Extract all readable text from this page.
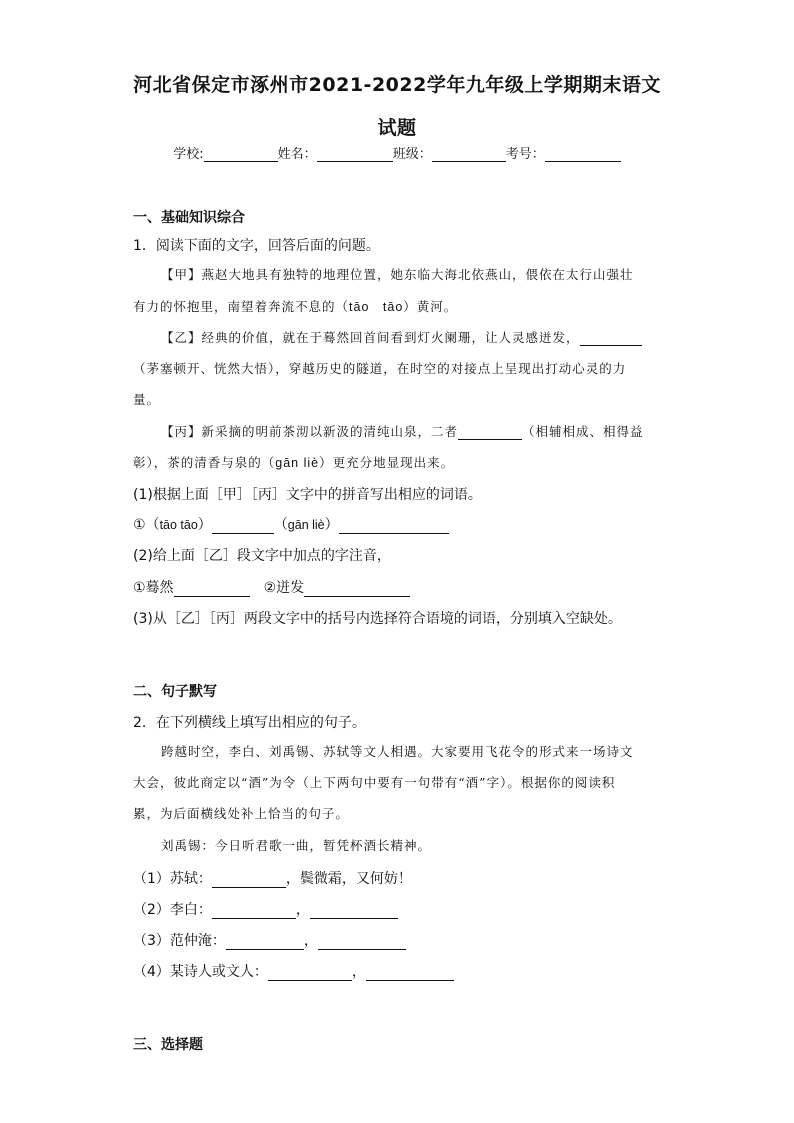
河北省保定市涿州市2021-2022学年九年级上学期期末语文
试题
学校:	姓名：	班级：	考号：
一、基础知识综合
1．阅读下面的文字，回答后面的问题。
【甲】燕赵大地具有独特的地理位置，她东临大海北依燕山，偎依在太行山强壮
有力的怀抱里，南望着奔流不息的（tāo　tāo）黄河。
【乙】经典的价值，就在于蓦然回首间看到灯火阑珊，让人灵感迸发，
（茅塞顿开、恍然大悟），穿越历史的隧道，在时空的对接点上呈现出打动心灵的力
量。
【丙】新采摘的明前茶沏以新汲的清纯山泉，二者	（相辅相成、相得益
彰），茶的清香与泉的（gān liè）更充分地显现出来。
(1)根据上面［甲］［丙］文字中的拼音写出相应的词语。
①（tāo tāo）	（gān liè）
(2)给上面［乙］段文字中加点的字注音，
①蓦然　	②迸发
(3)从［乙］［丙］两段文字中的括号内选择符合语境的词语，分别填入空缺处。
二、句子默写
2．在下列横线上填写出相应的句子。
跨越时空，李白、刘禹锡、苏轼等文人相遇。大家要用飞花令的形式来一场诗文
大会，彼此商定以“酒”为令（上下两句中要有一句带有“酒”字）。根据你的阅读积
累，为后面横线处补上恰当的句子。
刘禹锡：今日听君歌一曲，暂凭杯酒长精神。
（1）苏轼：	，鬓微霜，又何妨！
（2）李白：	，
（3）范仲淹：	，
（4）某诗人或文人：	，
三、选择题
